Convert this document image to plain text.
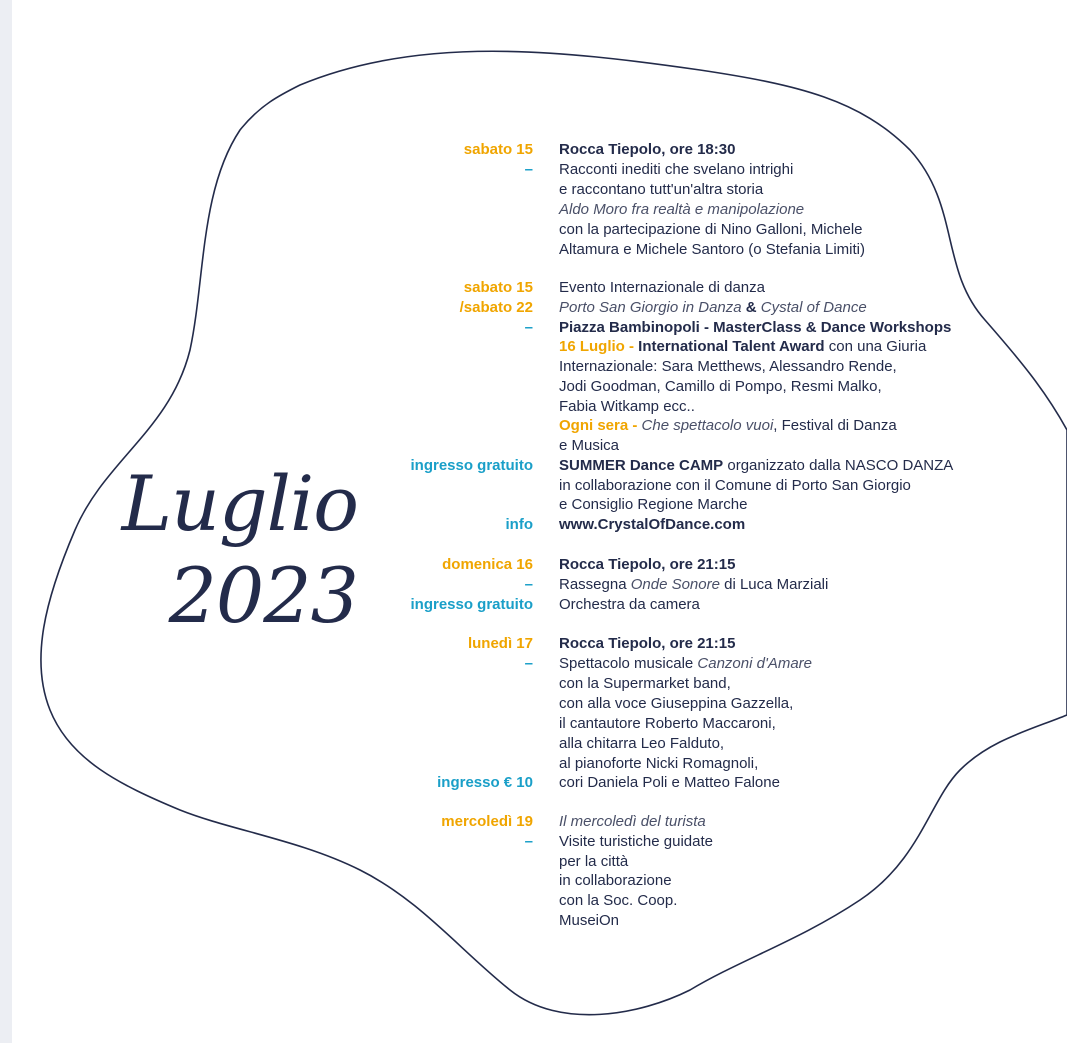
Luglio
2023
sabato 15
–
Rocca Tiepolo, ore 18:30
Racconti inediti che svelano intrighi
e raccontano tutt'un'altra storia
Aldo Moro fra realtà e manipolazione
con la partecipazione di Nino Galloni, Michele
Altamura e Michele Santoro (o Stefania Limiti)
sabato 15
/sabato 22
–
ingresso gratuito
info
Evento Internazionale di danza
Porto San Giorgio in Danza & Cystal of Dance
Piazza Bambinopoli - MasterClass & Dance Workshops
16 Luglio - International Talent Award con una Giuria
Internazionale: Sara Metthews, Alessandro Rende,
Jodi Goodman, Camillo di Pompo, Resmi Malko,
Fabia Witkamp ecc..
Ogni sera - Che spettacolo vuoi, Festival di Danza
e Musica
SUMMER Dance CAMP organizzato dalla NASCO DANZA
in collaborazione con il Comune di Porto San Giorgio
e Consiglio Regione Marche
www.CrystalOfDance.com
domenica 16
–
ingresso gratuito
Rocca Tiepolo, ore 21:15
Rassegna Onde Sonore di Luca Marziali
Orchestra da camera
lunedì 17
–
ingresso € 10
Rocca Tiepolo, ore 21:15
Spettacolo musicale Canzoni d'Amare
con la Supermarket band,
con alla voce Giuseppina Gazzella,
il cantautore Roberto Maccaroni,
alla chitarra Leo Falduto,
al pianoforte Nicki Romagnoli,
cori Daniela Poli e Matteo Falone
mercoledì 19
–
Il mercoledì del turista
Visite turistiche guidate
per la città
in collaborazione
con la Soc. Coop.
MuseiOn
